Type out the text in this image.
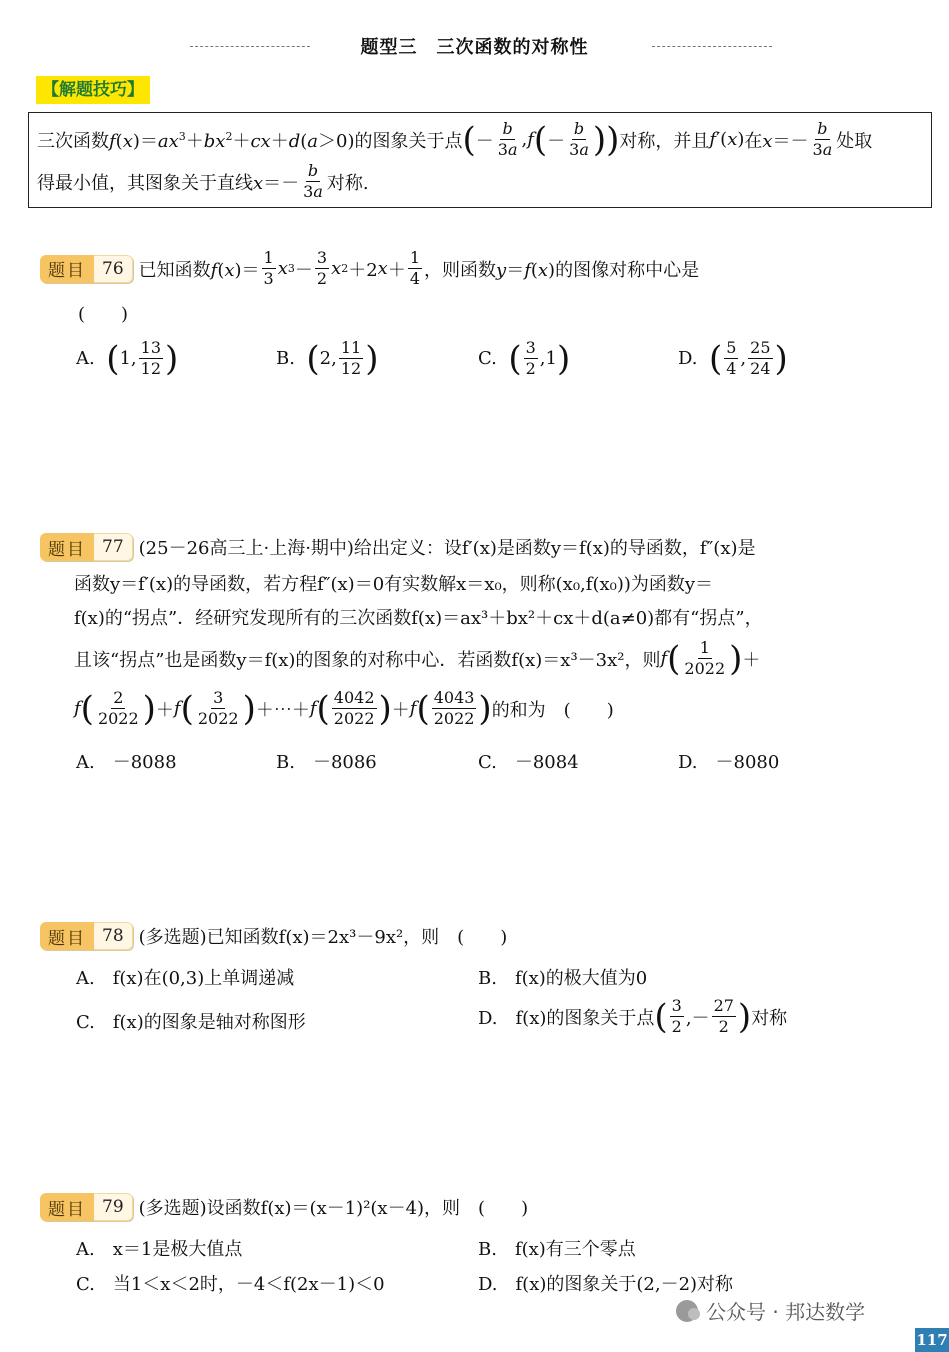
题型三　三次函数的对称性
【解题技巧】
三次函数 $f(x)=ax^3+bx^2+cx+d(a>0)$ 的图象关于点 ( － $\frac{b}{3a}$ , f ( － $\frac{b}{3a}$ )) 对称，并且 f′(x) 在 $x=- \frac{b}{3a}$ 处取
得最小值，其图象关于直线 $x=- \frac{b}{3a}$ 对称.
题目 76 已知函数 $f(x)= \frac{1}{3}$ x $3 - \frac{3}{2}$ x 2 ＋2 $x + \frac{1}{4}$ ，则函数 y＝f(x) 的图像对称中心是
(　　)
A.
( 1, $\frac{13}{12}$ )	B.
( 2, $\frac{11}{12}$ )	C.
( $\frac{3}{2} ,1$ )	D.
( $\frac{5}{4}$ , $\frac{25}{24}$ )
题目 77 (25－26高三上·上海·期中)给出定义：设f′(x)是函数y＝f(x)的导函数，f″(x)是
函数y＝f′(x)的导函数，若方程f″(x)＝0有实数解x＝x₀，则称(x₀,f(x₀))为函数y＝
f(x)的“拐点”．经研究发现所有的三次函数f(x)＝ax³＋bx²＋cx＋d(a≠0)都有“拐点”，
且该“拐点”也是函数y＝f(x)的图象的对称中心．若函数f(x)＝x³－3x²，则 f ( $\frac{1}{2022}$ ) ＋
f ( $\frac{2}{2022}$ ) ＋ f ( $\frac{3}{2022}$ ) ＋⋯＋ f ( $\frac{4042}{2022}$ ) ＋ f ( $\frac{4043}{2022}$ ) 的和为　(　　)
A.　－8088	B.　－8086	C.　－8084	D.　－8080
题目 78 (多选题)已知函数f(x)＝2x³－9x²，则　(　　)
A.　f(x)在(0,3)上单调递减	B.　f(x)的极大值为0
C.　f(x)的图象是轴对称图形	D.　f(x)的图象关于点 ( $\frac{3}{2}$ ,－ $\frac{27}{2}$ ) 对称
题目 79 (多选题)设函数f(x)＝(x－1)²(x－4)，则　(　　)
A.　x＝1是极大值点	B.　f(x)有三个零点
C.　当1＜x＜2时，－4＜f(2x－1)＜0	D.　f(x)的图象关于(2,－2)对称
公众号 · 邦达数学
117
